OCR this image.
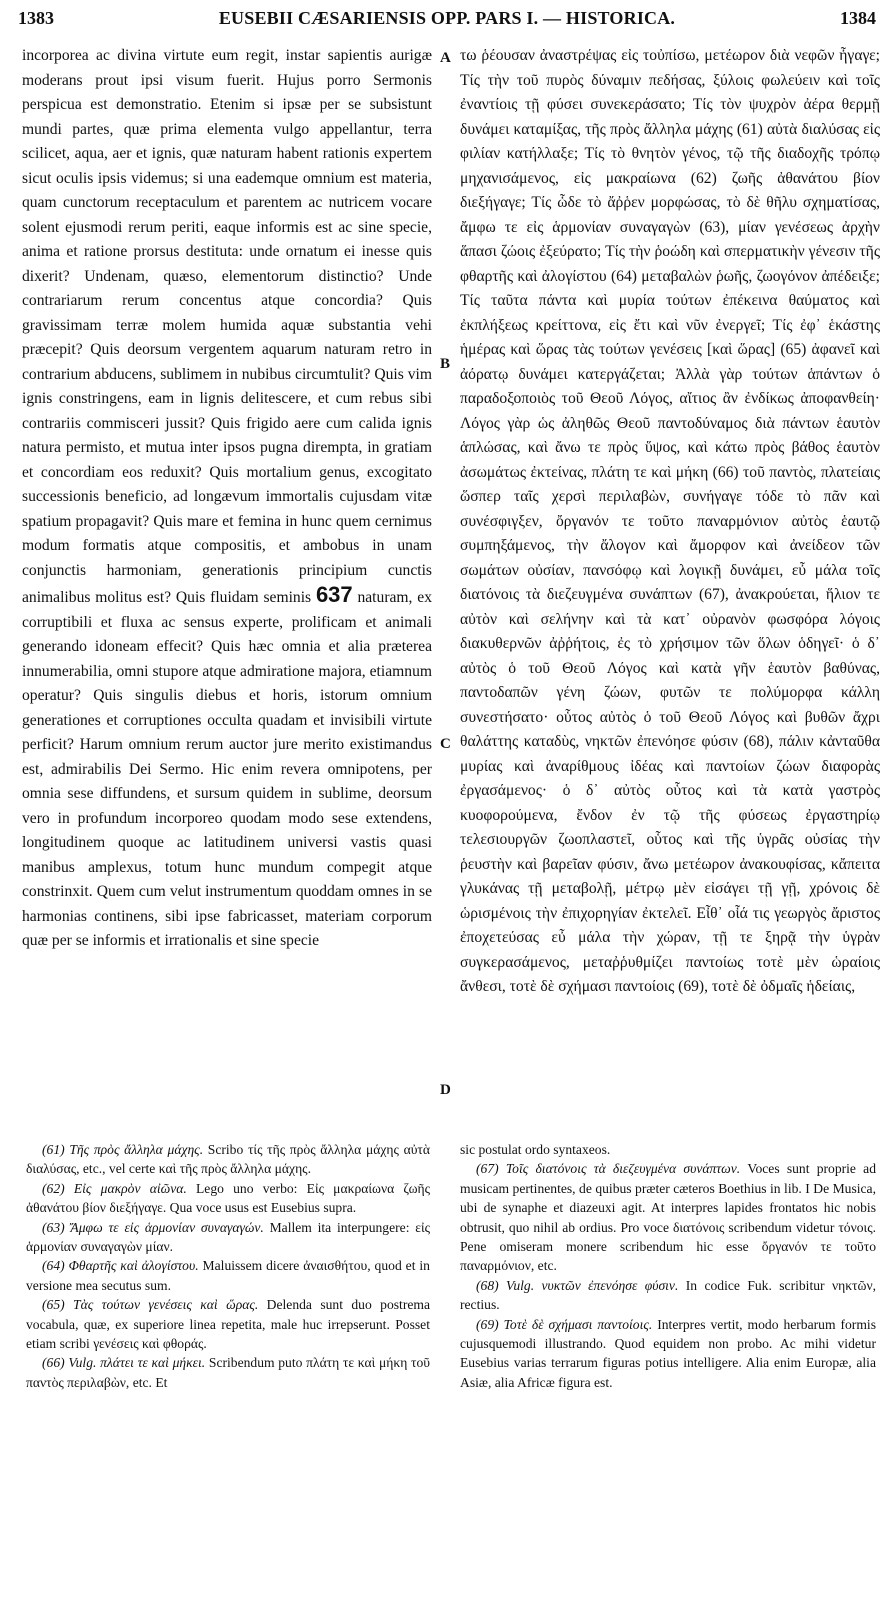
1383	EUSEBII CÆSARIENSIS OPP. PARS I. — HISTORICA.	1384

incorporea ac divina virtute eum regit, instar sapientis aurigæ moderans prout ipsi visum fuerit. Hujus porro Sermonis perspicua est demonstratio. Etenim si ipsæ per se subsistunt mundi partes, quæ prima elementa vulgo appellantur, terra scilicet, aqua, aer et ignis, quæ naturam habent rationis expertem sicut oculis ipsis videmus; si una eademque omnium est materia, quam cunctorum receptaculum et parentem ac nutricem vocare solent ejusmodi rerum periti, eaque informis est ac sine specie, anima et ratione prorsus destituta: unde ornatum ei inesse quis dixerit? Undenam, quæso, elementorum distinctio? Unde contrariarum rerum concentus atque concordia? Quis gravissimam terræ molem humida aquæ substantia vehi præcepit? Quis deorsum vergentem aquarum naturam retro in contrarium abducens, sublimem in nubibus circumtulit? Quis vim ignis constringens, eam in lignis delitescere, et cum rebus sibi contrariis commisceri jussit? Quis frigido aere cum calida ignis natura permisto, et mutua inter ipsos pugna dirempta, in gratiam et concordiam eos reduxit? Quis mortalium genus, excogitato successionis beneficio, ad longævum immortalis cujusdam vitæ spatium propagavit? Quis mare et femina in hunc quem cernimus modum formatis atque compositis, et ambobus in unam conjunctis harmoniam, generationis principium cunctis animalibus molitus est? Quis fluidam seminis 637 naturam, ex corruptibili et fluxa ac sensus experte, prolificam et animali generando idoneam effecit? Quis hæc omnia et alia præterea innumerabilia, omni stupore atque admiratione majora, etiamnum operatur? Quis singulis diebus et horis, istorum omnium generationes et corruptiones occulta quadam et invisibili virtute perficit? Harum omnium rerum auctor jure merito existimandus est, admirabilis Dei Sermo. Hic enim revera omnipotens, per omnia sese diffundens, et sursum quidem in sublime, deorsum vero in profundum incorporeo quodam modo sese extendens, longitudinem quoque ac latitudinem universi vastis quasi manibus amplexus, totum hunc mundum compegit atque constrinxit. Quem cum velut instrumentum quoddam omnes in se harmonias continens, sibi ipse fabricasset, materiam corporum quæ per se informis et irrationalis et sine specie

A
B
C
D

τω ῥέουσαν ἀναστρέψας εἰς τοὐπίσω, μετέωρον διὰ νεφῶν ἦγαγε; Τίς τὴν τοῦ πυρὸς δύναμιν πεδήσας, ξύλοις φωλεύειν καὶ τοῖς ἐναντίοις τῇ φύσει συνεκεράσατο; Τίς τὸν ψυχρὸν ἀέρα θερμῇ δυνάμει καταμίξας, τῆς πρὸς ἄλληλα μάχης (61) αὐτὰ διαλύσας εἰς φιλίαν κατήλλαξε; Τίς τὸ θνητὸν γένος, τῷ τῆς διαδοχῆς τρόπῳ μηχανισάμενος, εἰς μακραίωνα (62) ζωῆς ἀθανάτου βίον διεξήγαγε; Τίς ὧδε τὸ ἄῤῥεν μορφώσας, τὸ δὲ θῆλυ σχηματίσας, ἄμφω τε εἰς ἁρμονίαν συναγαγὼν (63), μίαν γενέσεως ἀρχὴν ἅπασι ζώοις ἐξεύρατο; Τίς τὴν ῥοώδη καὶ σπερματικὴν γένεσιν τῆς φθαρτῆς καὶ ἀλογίστου (64) μεταβαλὼν ῥωῆς, ζωογόνον ἀπέδειξε; Τίς ταῦτα πάντα καὶ μυρία τούτων ἐπέκεινα θαύματος καὶ ἐκπλήξεως κρείττονα, εἰς ἔτι καὶ νῦν ἐνεργεῖ; Τίς ἐφ᾽ ἑκάστης ἡμέρας καὶ ὥρας τὰς τούτων γενέσεις [καὶ ὥρας] (65) ἀφανεῖ καὶ ἀόρατῳ δυνάμει κατεργάζεται; Ἀλλὰ γὰρ τούτων ἁπάντων ὁ παραδοξοποιὸς τοῦ Θεοῦ Λόγος, αἴτιος ἂν ἐνδίκως ἀποφανθείη· Λόγος γὰρ ὡς ἀληθῶς Θεοῦ παντοδύναμος διὰ πάντων ἑαυτὸν ἁπλώσας, καὶ ἄνω τε πρὸς ὕψος, καὶ κάτω πρὸς βάθος ἑαυτὸν ἀσωμάτως ἐκτείνας, πλάτη τε καὶ μήκη (66) τοῦ παντὸς, πλατείαις ὥσπερ ταῖς χερσὶ περιλαβὼν, συνήγαγε τόδε τὸ πᾶν καὶ συνέσφιγξεν, ὄργανόν τε τοῦτο παναρμόνιον αὐτὸς ἑαυτῷ συμπηξάμενος, τὴν ἄλογον καὶ ἄμορφον καὶ ἀνείδεον τῶν σωμάτων οὐσίαν, πανσόφῳ καὶ λογικῇ δυνάμει, εὖ μάλα τοῖς διατόνοις τὰ διεζευγμένα συνάπτων (67), ἀνακρούεται, ἥλιον τε αὐτὸν καὶ σελήνην καὶ τὰ κατ᾽ οὐρανὸν φωσφόρα λόγοις διακυθερνῶν ἀῤῥήτοις, ἐς τὸ χρήσιμον τῶν ὅλων ὁδηγεῖ· ὁ δ᾽ αὐτὸς ὁ τοῦ Θεοῦ Λόγος καὶ κατὰ γῆν ἑαυτὸν βαθύνας, παντοδαπῶν γένη ζώων, φυτῶν τε πολύμορφα κάλλη συνεστήσατο· οὗτος αὐτὸς ὁ τοῦ Θεοῦ Λόγος καὶ βυθῶν ἄχρι θαλάττης καταδὺς, νηκτῶν ἐπενόησε φύσιν (68), πάλιν κἀνταῦθα μυρίας καὶ ἀναρίθμους ἰδέας καὶ παντοίων ζώων διαφορὰς ἐργασάμενος· ὁ δ᾽ αὐτὸς οὗτος καὶ τὰ κατὰ γαστρὸς κυοφορούμενα, ἔνδον ἐν τῷ τῆς φύσεως ἐργαστηρίῳ τελεσιουργῶν ζωοπλαστεῖ, οὗτος καὶ τῆς ὑγρᾶς οὐσίας τὴν ῥευστὴν καὶ βαρεῖαν φύσιν, ἄνω μετέωρον ἀνακουφίσας, κἄπειτα γλυκάνας τῇ μεταβολῇ, μέτρῳ μὲν εἰσάγει τῇ γῇ, χρόνοις δὲ ὡρισμένοις τὴν ἐπιχορηγίαν ἐκτελεῖ. Εἶθ᾽ οἷά τις γεωργὸς ἄριστος ἐποχετεύσας εὖ μάλα τὴν χώραν, τῇ τε ξηρᾷ τὴν ὑγρὰν συγκερασάμενος, μεταῤῥυθμίζει παντοίως τοτὲ μὲν ὡραίοις ἄνθεσι, τοτὲ δὲ σχήμασι παντοίοις (69), τοτὲ δὲ ὀδμαῖς ἡδείαις,

(61) Τῆς πρὸς ἄλληλα μάχης. Scribo τίς τῆς πρὸς ἄλληλα μάχης αὐτὰ διαλύσας, etc., vel certe καὶ τῆς πρὸς ἄλληλα μάχης.

(62) Εἰς μακρὸν αἰῶνα. Lego uno verbo: Εἰς μακραίωνα ζωῆς ἀθανάτου βίον διεξήγαγε. Qua voce usus est Eusebius supra.

(63) Ἄμφω τε εἰς ἁρμονίαν συναγαγών. Mallem ita interpungere: εἰς ἁρμονίαν συναγαγὼν μίαν.

(64) Φθαρτῆς καὶ ἀλογίστου. Maluissem dicere ἀναισθήτου, quod et in versione mea secutus sum.

(65) Τὰς τούτων γενέσεις καὶ ὥρας. Delenda sunt duo postrema vocabula, quæ, ex superiore linea repetita, male huc irrepserunt. Posset etiam scribi γενέσεις καὶ φθοράς.

(66) Vulg. πλάτει τε καὶ μήκει. Scribendum puto πλάτη τε καὶ μήκη τοῦ παντὸς περιλαβὼν, etc. Et

sic postulat ordo syntaxeos.

(67) Τοῖς διατόνοις τὰ διεζευγμένα συνάπτων. Voces sunt proprie ad musicam pertinentes, de quibus præter cæteros Boethius in lib. I De Musica, ubi de synaphe et diazeuxi agit. At interpres lapides frontatos hic nobis obtrusit, quo nihil ab ordius. Pro voce διατόνοις scribendum videtur τόνοις. Pene omiseram monere scribendum hic esse ὄργανόν τε τοῦτο παναρμόνιον, etc.

(68) Vulg. νυκτῶν ἐπενόησε φύσιν. In codice Fuk. scribitur νηκτῶν, rectius.

(69) Τοτὲ δὲ σχήμασι παντοίοις. Interpres vertit, modo herbarum formis cujusquemodi illustrando. Quod equidem non probo. Ac mihi videtur Eusebius varias terrarum figuras potius intelligere. Alia enim Europæ, alia Asiæ, alia Africæ figura est.
